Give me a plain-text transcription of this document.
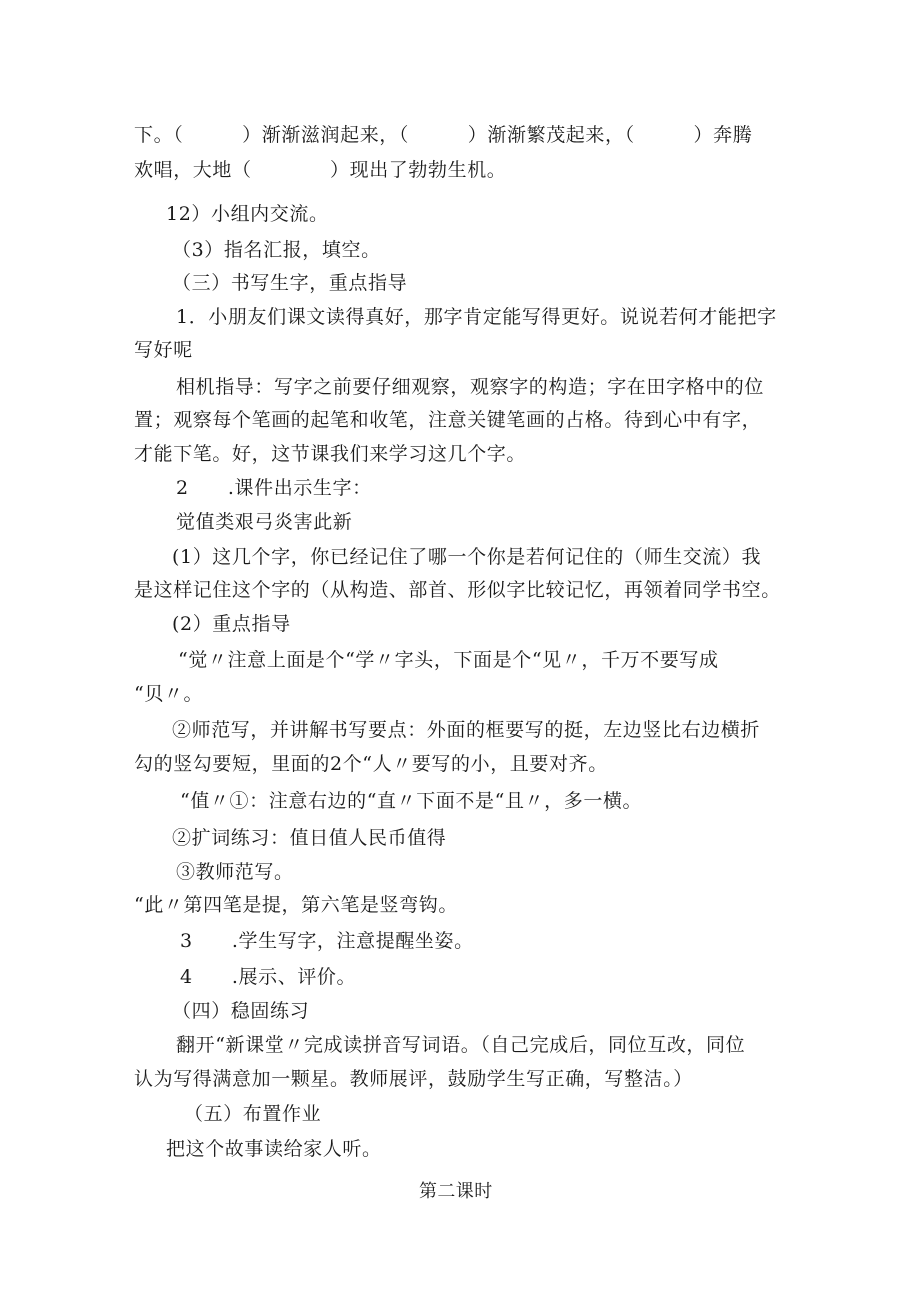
下。（　　　）渐渐滋润起来，（　　　）渐渐繁茂起来，（　　　）奔腾
欢唱，大地（　　　　）现出了勃勃生机。
12）小组内交流。
（3）指名汇报，填空。
（三）书写生字，重点指导
1．小朋友们课文读得真好，那字肯定能写得更好。说说若何才能把字
写好呢
相机指导：写字之前要仔细观察，观察字的构造；字在田字格中的位
置；观察每个笔画的起笔和收笔，注意关键笔画的占格。待到心中有字，
才能下笔。好，这节课我们来学习这几个字。
2　　.课件出示生字：
觉值类艰弓炎害此新
(1）这几个字，你已经记住了哪一个你是若何记住的（师生交流）我
是这样记住这个字的（从构造、部首、形似字比较记忆，再领着同学书空。
(2）重点指导
“觉〃注意上面是个“学〃字头，下面是个“见〃，千万不要写成
“贝〃。
②师范写，并讲解书写要点：外面的框要写的挺，左边竖比右边横折
勾的竖勾要短，里面的2个“人〃要写的小，且要对齐。
“值〃①：注意右边的“直〃下面不是“且〃，多一横。
②扩词练习：值日值人民币值得
③教师范写。
“此〃第四笔是提，第六笔是竖弯钩。
3　　.学生写字，注意提醒坐姿。
4　　.展示、评价。
（四）稳固练习
翻开“新课堂〃完成读拼音写词语。（自己完成后，同位互改，同位
认为写得满意加一颗星。教师展评，鼓励学生写正确，写整洁。）
（五）布置作业
把这个故事读给家人听。
第二课时
